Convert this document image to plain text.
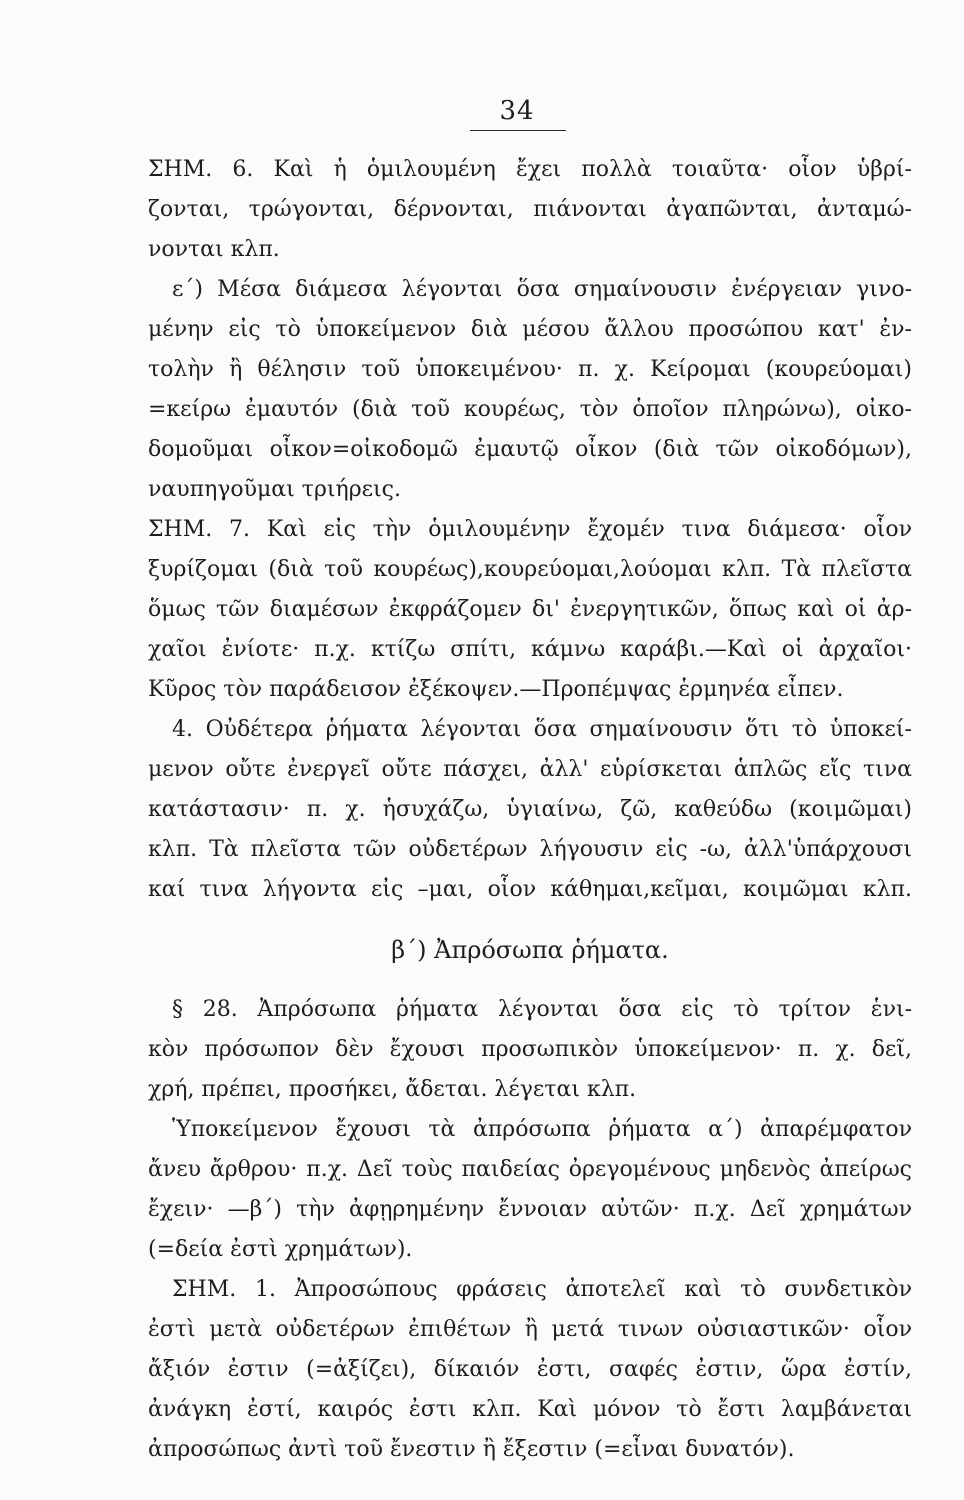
34
ΣΗΜ. 6. Καὶ ἡ ὁμιλουμένη ἔχει πολλὰ τοιαῦτα· οἷον ὑβρί-
ζονται, τρώγονται, δέρνονται, πιάνονται ἀγαπῶνται, ἀνταμώ-
νονται κλπ.
ε΄) Μέσα διάμεσα λέγονται ὅσα σημαίνουσιν ἐνέργειαν γινο-
μένην εἰς τὸ ὑποκείμενον διὰ μέσου ἄλλου προσώπου κατ' ἐν-
τολὴν ἢ θέλησιν τοῦ ὑποκειμένου· π. χ. Κείρομαι (κουρεύομαι)
=κείρω ἐμαυτόν (διὰ τοῦ κουρέως, τὸν ὁποῖον πληρώνω), οἰκο-
δομοῦμαι οἶκον=οἰκοδομῶ ἐμαυτῷ οἶκον (διὰ τῶν οἰκοδόμων),
ναυπηγοῦμαι τριήρεις.
ΣΗΜ. 7. Καὶ εἰς τὴν ὁμιλουμένην ἔχομέν τινα διάμεσα· οἷον
ξυρίζομαι (διὰ τοῦ κουρέως),κουρεύομαι,λούομαι κλπ. Τὰ πλεῖστα
ὅμως τῶν διαμέσων ἐκφράζομεν δι' ἐνεργητικῶν, ὅπως καὶ οἱ ἀρ-
χαῖοι ἐνίοτε· π.χ. κτίζω σπίτι, κάμνω καράβι.—Καὶ οἱ ἀρχαῖοι·
Κῦρος τὸν παράδεισον ἐξέκοψεν.—Προπέμψας ἑρμηνέα εἶπεν.
4. Οὐδέτερα ῥήματα λέγονται ὅσα σημαίνουσιν ὅτι τὸ ὑποκεί-
μενον οὔτε ἐνεργεῖ οὔτε πάσχει, ἀλλ' εὑρίσκεται ἁπλῶς εἴς τινα
κατάστασιν· π. χ. ἡσυχάζω, ὑγιαίνω, ζῶ, καθεύδω (κοιμῶμαι)
κλπ. Τὰ πλεῖστα τῶν οὐδετέρων λήγουσιν εἰς -ω, ἀλλ'ὑπάρχουσι
καί τινα λήγοντα εἰς –μαι, οἷον κάθημαι,κεῖμαι, κοιμῶμαι κλπ.
β΄) Ἀπρόσωπα ῥήματα.
§ 28. Ἀπρόσωπα ῥήματα λέγονται ὅσα εἰς τὸ τρίτον ἑνι-
κὸν πρόσωπον δὲν ἔχουσι προσωπικὸν ὑποκείμενον· π. χ. δεῖ,
χρή, πρέπει, προσήκει, ἄδεται. λέγεται κλπ.
Ὑποκείμενον ἔχουσι τὰ ἀπρόσωπα ῥήματα α΄) ἀπαρέμφατον
ἄνευ ἄρθρου· π.χ. Δεῖ τοὺς παιδείας ὀρεγομένους μηδενὸς ἀπείρως
ἔχειν· —β΄) τὴν ἀφῃρημένην ἔννοιαν αὐτῶν· π.χ. Δεῖ χρημάτων
(=δεία ἐστὶ χρημάτων).
ΣΗΜ. 1. Ἀπροσώπους φράσεις ἀποτελεῖ καὶ τὸ συνδετικὸν
ἐστὶ μετὰ οὐδετέρων ἐπιθέτων ἢ μετά τινων οὐσιαστικῶν· οἷον
ἄξιόν ἐστιν (=ἀξίζει), δίκαιόν ἐστι, σαφές ἐστιν, ὥρα ἐστίν,
ἀνάγκη ἐστί, καιρός ἐστι κλπ. Καὶ μόνον τὸ ἔστι λαμβάνεται
ἀπροσώπως ἀντὶ τοῦ ἔνεστιν ἢ ἔξεστιν (=εἶναι δυνατόν).
